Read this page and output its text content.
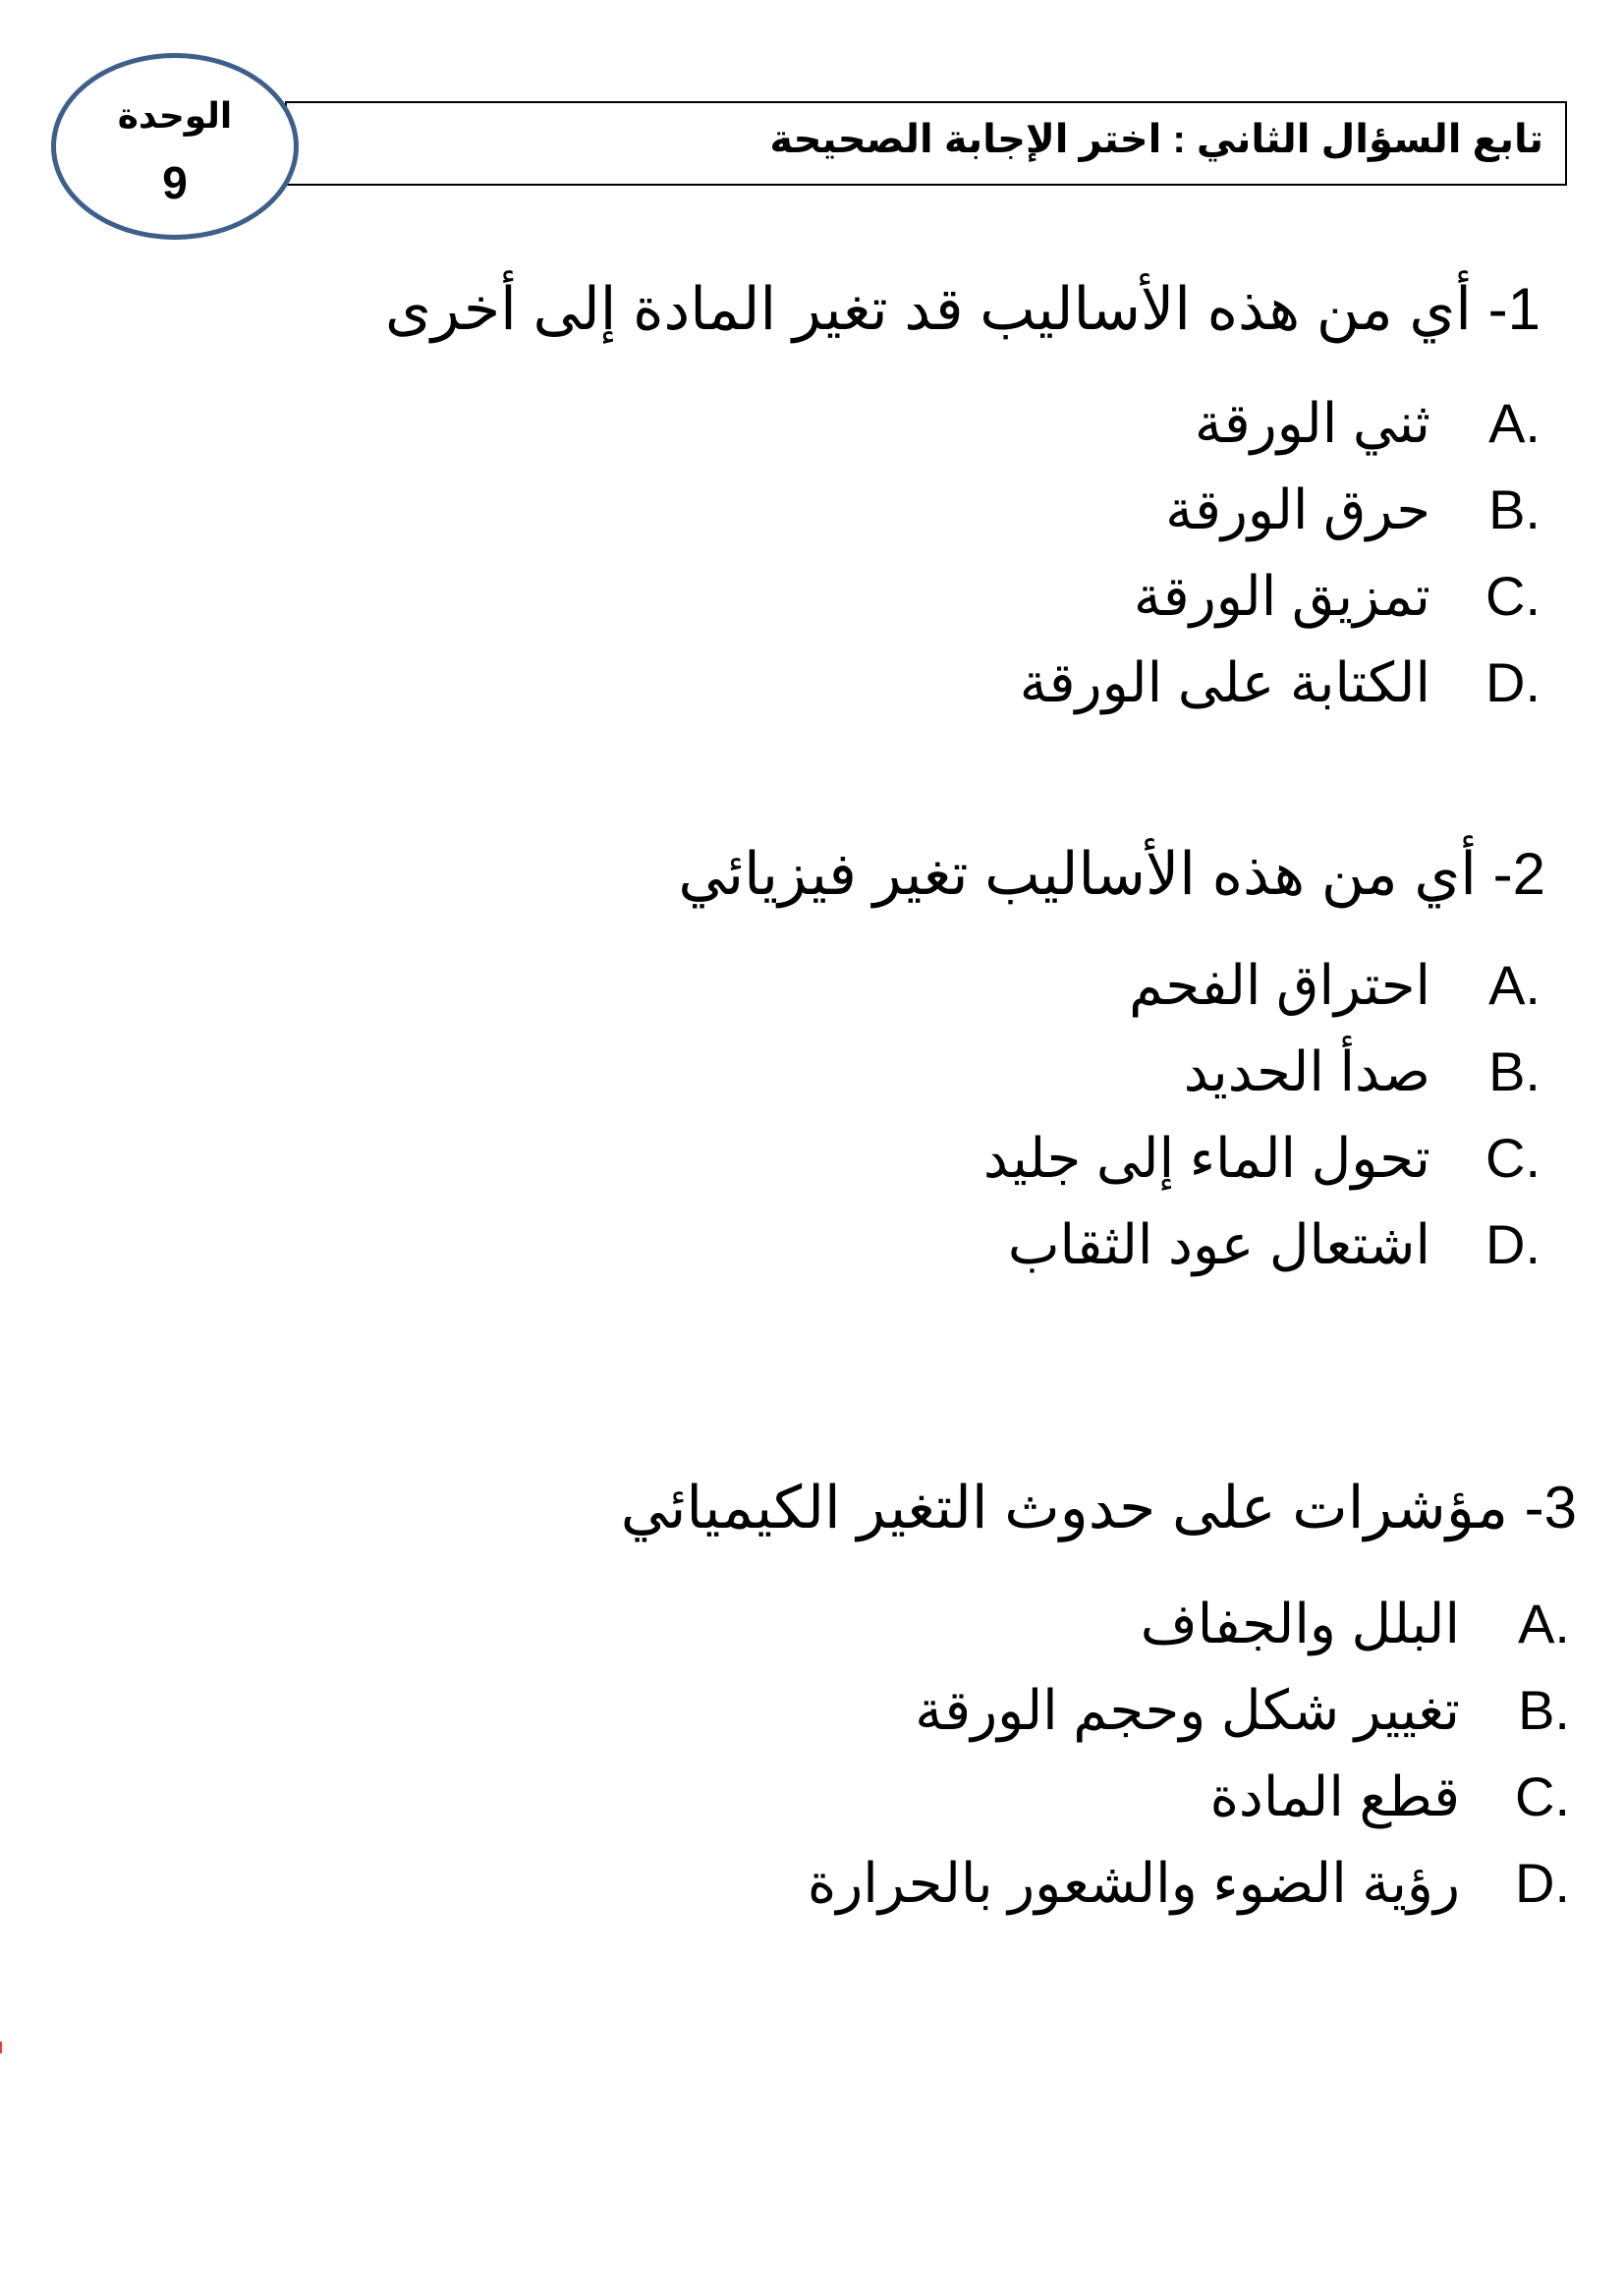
تابع السؤال الثاني : اختر الإجابة الصحيحة
الوحدة
9
1- أي من هذه الأساليب قد تغير المادة إلى أخرى
A.
ثني الورقة
B.
حرق الورقة
C.
تمزيق الورقة
D.
الكتابة على الورقة
2- أي من هذه الأساليب تغير فيزيائي
A.
احتراق الفحم
B.
صدأ الحديد
C.
تحول الماء إلى جليد
D.
اشتعال عود الثقاب
3- مؤشرات على حدوث التغير الكيميائي
A.
البلل والجفاف
B.
تغيير شكل وحجم الورقة
C.
قطع المادة
D.
رؤية الضوء والشعور بالحرارة
